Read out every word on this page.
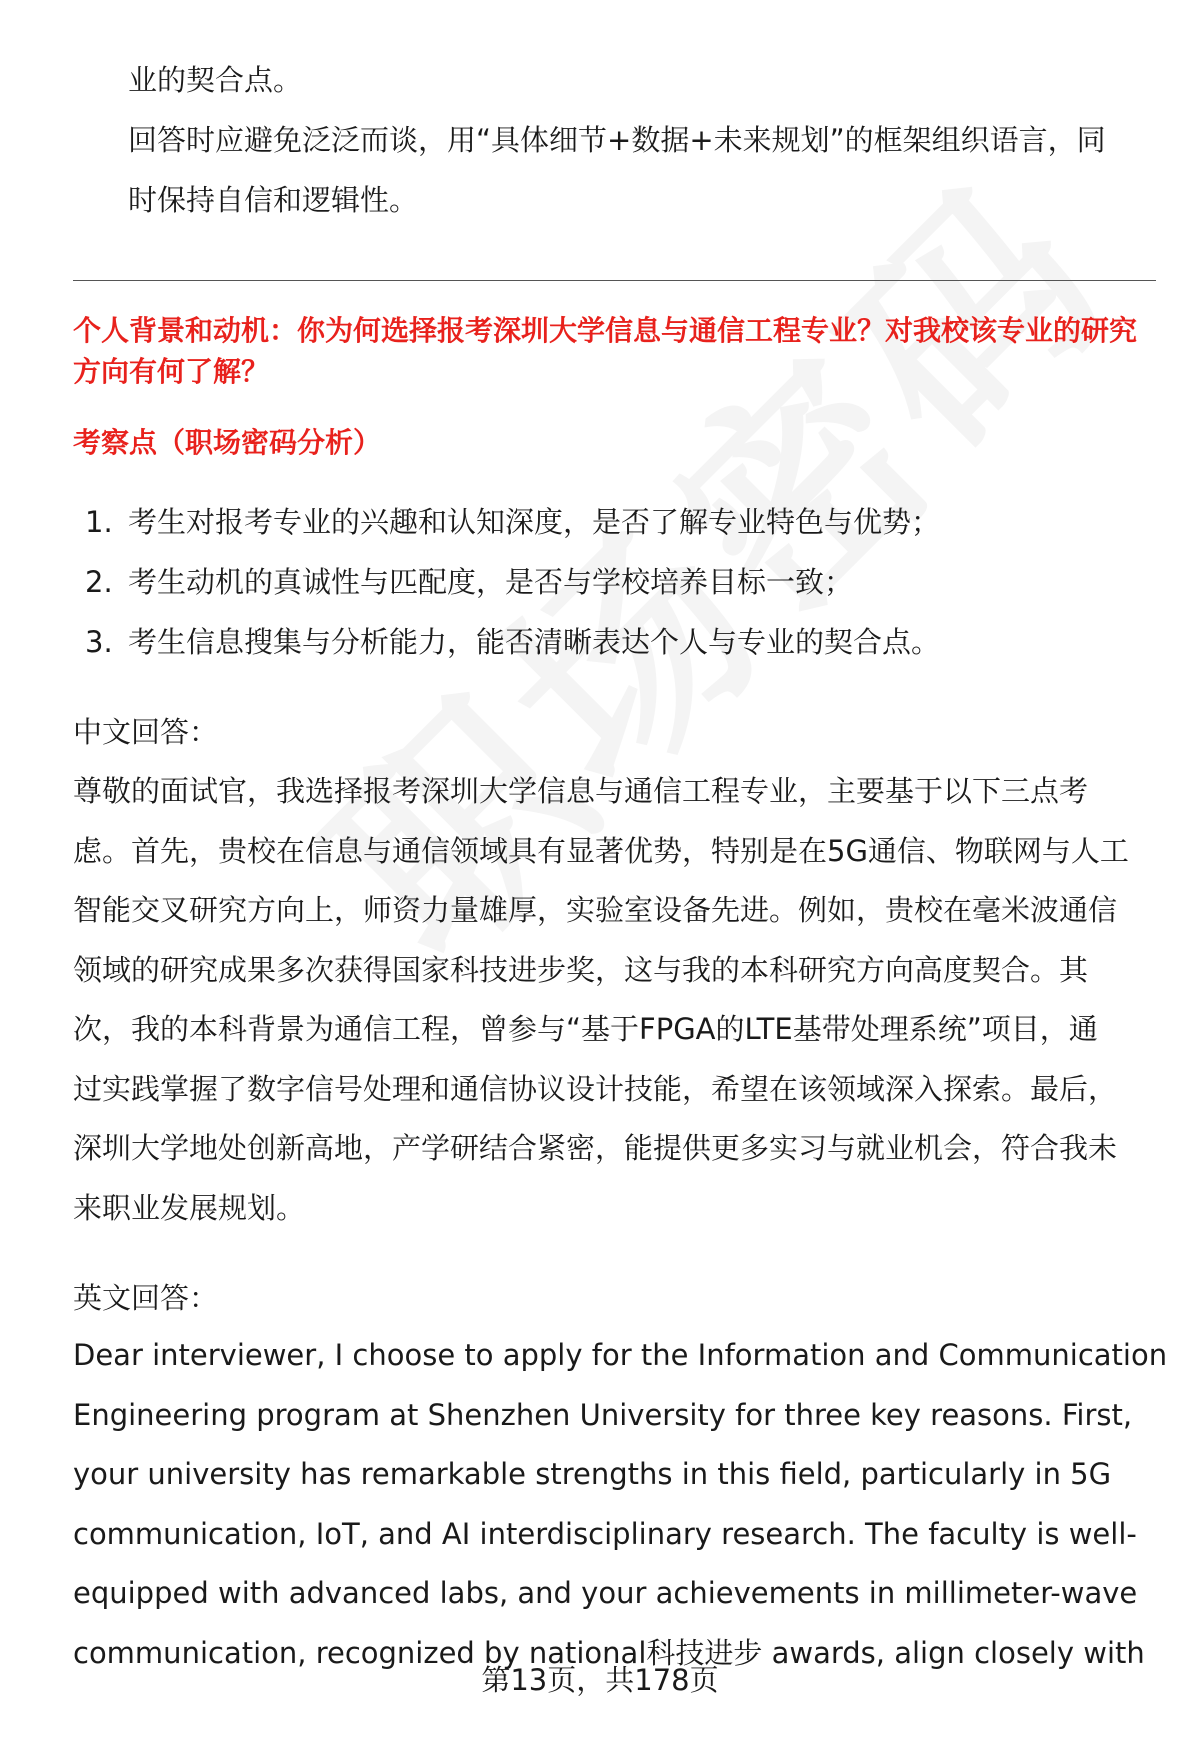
业的契合点。
回答时应避免泛泛而谈，用“具体细节+数据+未来规划”的框架组织语言，同
时保持自信和逻辑性。
个人背景和动机：你为何选择报考深圳大学信息与通信工程专业？对我校该专业的研究方向有何了解？
考察点（职场密码分析）
1. 考生对报考专业的兴趣和认知深度，是否了解专业特色与优势；
2. 考生动机的真诚性与匹配度，是否与学校培养目标一致；
3. 考生信息搜集与分析能力，能否清晰表达个人与专业的契合点。
中文回答：
尊敬的面试官，我选择报考深圳大学信息与通信工程专业，主要基于以下三点考
虑。首先，贵校在信息与通信领域具有显著优势，特别是在5G通信、物联网与人工
智能交叉研究方向上，师资力量雄厚，实验室设备先进。例如，贵校在毫米波通信
领域的研究成果多次获得国家科技进步奖，这与我的本科研究方向高度契合。其
次，我的本科背景为通信工程，曾参与“基于FPGA的LTE基带处理系统”项目，通
过实践掌握了数字信号处理和通信协议设计技能，希望在该领域深入探索。最后，
深圳大学地处创新高地，产学研结合紧密，能提供更多实习与就业机会，符合我未
来职业发展规划。
英文回答：
Dear interviewer, I choose to apply for the Information and Communication
Engineering program at Shenzhen University for three key reasons. First,
your university has remarkable strengths in this field, particularly in 5G
communication, IoT, and AI interdisciplinary research. The faculty is well-
equipped with advanced labs, and your achievements in millimeter-wave
communication, recognized by national科技进步 awards, align closely with
第13页，共178页
